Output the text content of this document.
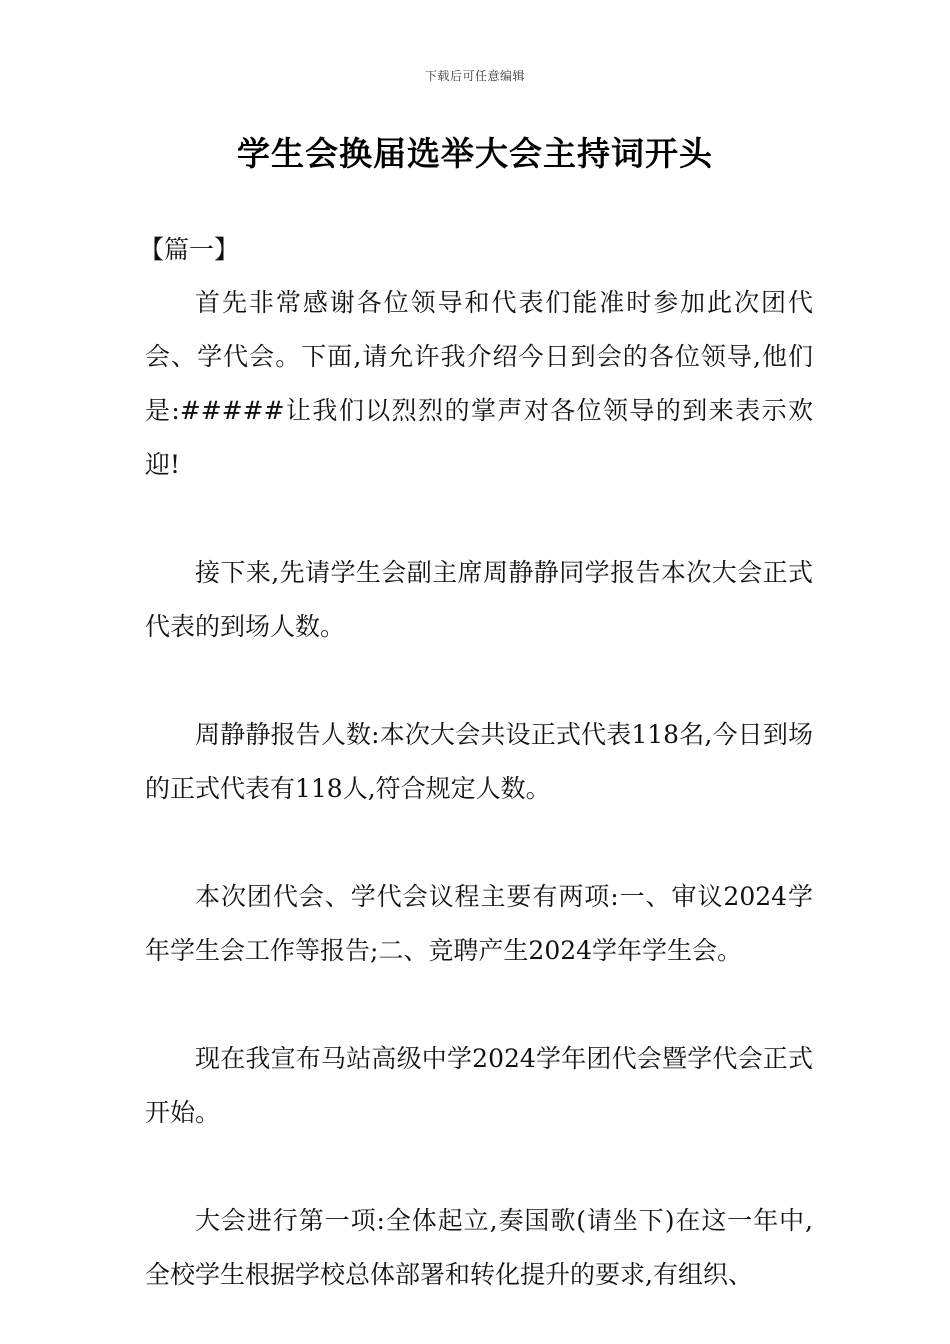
下载后可任意编辑
学生会换届选举大会主持词开头

【篇一】

首先非常感谢各位领导和代表们能准时参加此次团代会、学代会。下面,请允许我介绍今日到会的各位领导,他们是:#####让我们以烈烈的掌声对各位领导的到来表示欢迎!

接下来,先请学生会副主席周静静同学报告本次大会正式代表的到场人数。

周静静报告人数:本次大会共设正式代表118名,今日到场的正式代表有118人,符合规定人数。

本次团代会、学代会议程主要有两项:一、审议2024学年学生会工作等报告;二、竞聘产生2024学年学生会。

现在我宣布马站高级中学2024学年团代会暨学代会正式开始。

大会进行第一项:全体起立,奏国歌(请坐下)在这一年中,全校学生根据学校总体部署和转化提升的要求,有组织、
